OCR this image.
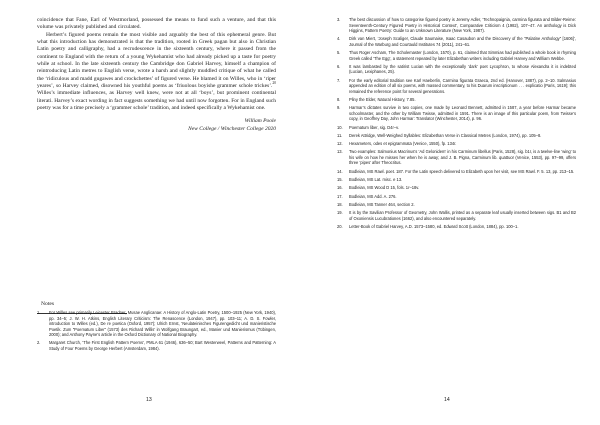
coincidence that Fane, Earl of Westmorland, possessed the means to fund such a venture, and that this volume was privately published and circulated.

Herbert’s figured poems remain the most visible and arguably the best of this ephemeral genre. But what this introduction has demonstrated is that the tradition, rooted in Greek pagan but also in Christian Latin poetry and calligraphy, had a recrudescence in the sixteenth century, where it passed from the continent to England with the return of a young Wykehamist who had already picked up a taste for poetry while at school. In the late sixteenth century the Cambridge don Gabriel Harvey, himself a champion of reintroducing Latin metres to English verse, wrote a harsh and slightly muddled critique of what he called the ‘ridiculous and madd gugawes and crockchettes’ of figured verse. He blamed it on Willes, who in ‘riper yeares’, so Harvey claimed, disowned his youthful poems as ‘friuolous boyishe grammer schole trickes’.$^{20}$ Willes’s immediate influences, as Harvey well knew, were not at all ‘boys’, but prominent continental literati. Harvey’s exact wording in fact suggests something we had until now forgotten. For in England such poetry was for a time precisely a ‘grammer schole’ tradition, and indeed specifically a Wykehamist one.

William Poole

New College / Winchester College 2020

Notes
1.	For Willes see primarily Leicester Bradner, Musae Anglicanae: A History of Anglo-Latin Poetry, 1500–1925 (New York, 1940), pp. 34–5; J. W. H. Atkins, English Literary Criticism: The Renascence (London, 1947), pp. 103–11; A. D. S. Fowler, introduction to Willes (ed.), De re poetica (Oxford, 1957); Ulrich Ernst, ‘Neulateinisches Figurengedicht und manieristische Poetik. Zum “Poematum Liber” (1573) des Richard Willis’ in Wolfgang Braungart, ed., Manier und Manierismus (Tübingen, 2000); and Anthony Payne’s article in the Oxford Dictionary of National Biography.
2.	Margaret Church, ‘The First English Pattern Poems’, PMLA 61 (1946), 636–50; Bart Westerweel, Patterns and Patterning: A Study of Four Poems by George Herbert (Amsterdam, 1984).
13
3.	The best discussion of how to categorise figured poetry is Jeremy Adler, ‘Technopaignia, carmina figurata and Bilder-Reime: Seventeenth-Century Figured Poetry in Historical Context’, Comparative Criticism 4 (1982), 107–47. An anthology is Dick Higgins, Pattern Poetry: Guide to an Unknown Literature (New York, 1987).
4.	Dirk van Miert, ‘Joseph Scaliger, Claude Saumaise, Isaac Casaubon and the Discovery of the “Palatine Anthology” [1606]’, Journal of the Warburg and Courtauld Institutes 74 (2011), 241–61.
5.	Thus Roger Ascham, The Scholemaster (London, 1570), p. 61, claimed that Simmias had published a whole book in rhyming Greek called ‘The Egg’, a statement repeated by later Elizabethan writers including Gabriel Harvey and William Webbe.
6.	It was lambasted by the satirist Lucian with the exceptionally ‘dark’ poet Lycophron, to whose Alexandra it is indebted (Lucian, Lexiphanes, 25).
7.	For the early editorial tradition see Karl Haeberlin, Carmina figurata Graeca, 2nd ed. (Hanover, 1887), pp. 2–10. Salmasius appended an edition of all six poems, with massed commentary, to his Duarum inscriptionum . . . explicatio (Paris, 1619); this remained the reference point for several generations.
8.	Pliny the Elder, Natural History, 7.85.
9.	Harmar’s dictates survive in two copies, one made by Leonard Bennett, admitted in 1587, a year before Harmar became schoolmaster, and the other by William Twisse, admitted in 1591. There is an image of this particular poem, from Twisse’s copy, in Geoffrey Day, John Harmar: Translator (Winchester, 2014), p. 96.
10.	Poematum liber, sig. D4r–v.
11.	Derek Attridge, Well-Weighed Syllables: Elizabethan Verse in Classical Metres (London, 1974), pp. 105–8.
12.	Hexameters, odes et epigrammata (Venice, 1550), fp. 134r.
13.	Two examples: Salmonius Macrinus’s ‘Ad Gelonidem’ in his Carminum libellus (Paris, 1528), sig. b1r, is a twelve-line ‘wing’ to his wife on how he misses her when he is away; and J. B. Pigna, Carminum lib. quattuor (Venice, 1553), pp. 97–99, offers three ‘pipes’ after Theocritus.
14.	Bodleian, MS Rawl. poet. 187. For the Latin speech delivered to Elizabeth upon her visit, see MS Rawl. F. 5. 13, pp. 213–15.
15.	Bodleian, MS Lat. misc. e 13.
16.	Bodleian, MS Wood D 15, fols. 1r–18v.
17.	Bodleian, MS Add. A. 276.
18.	Bodleian, MS Tanner 464, section 2.
19.	It is by the Savilian Professor of Geometry, John Wallis, printed as a separate leaf usually inserted between sigs. B1 and B2 of Oxoniensis Lucubrationes (1662), and also encountered separately.
20.	Letter-Book of Gabriel Harvey, A.D. 1573–1580, ed. Edward Scott (London, 1884), pp. 100–1.
14
